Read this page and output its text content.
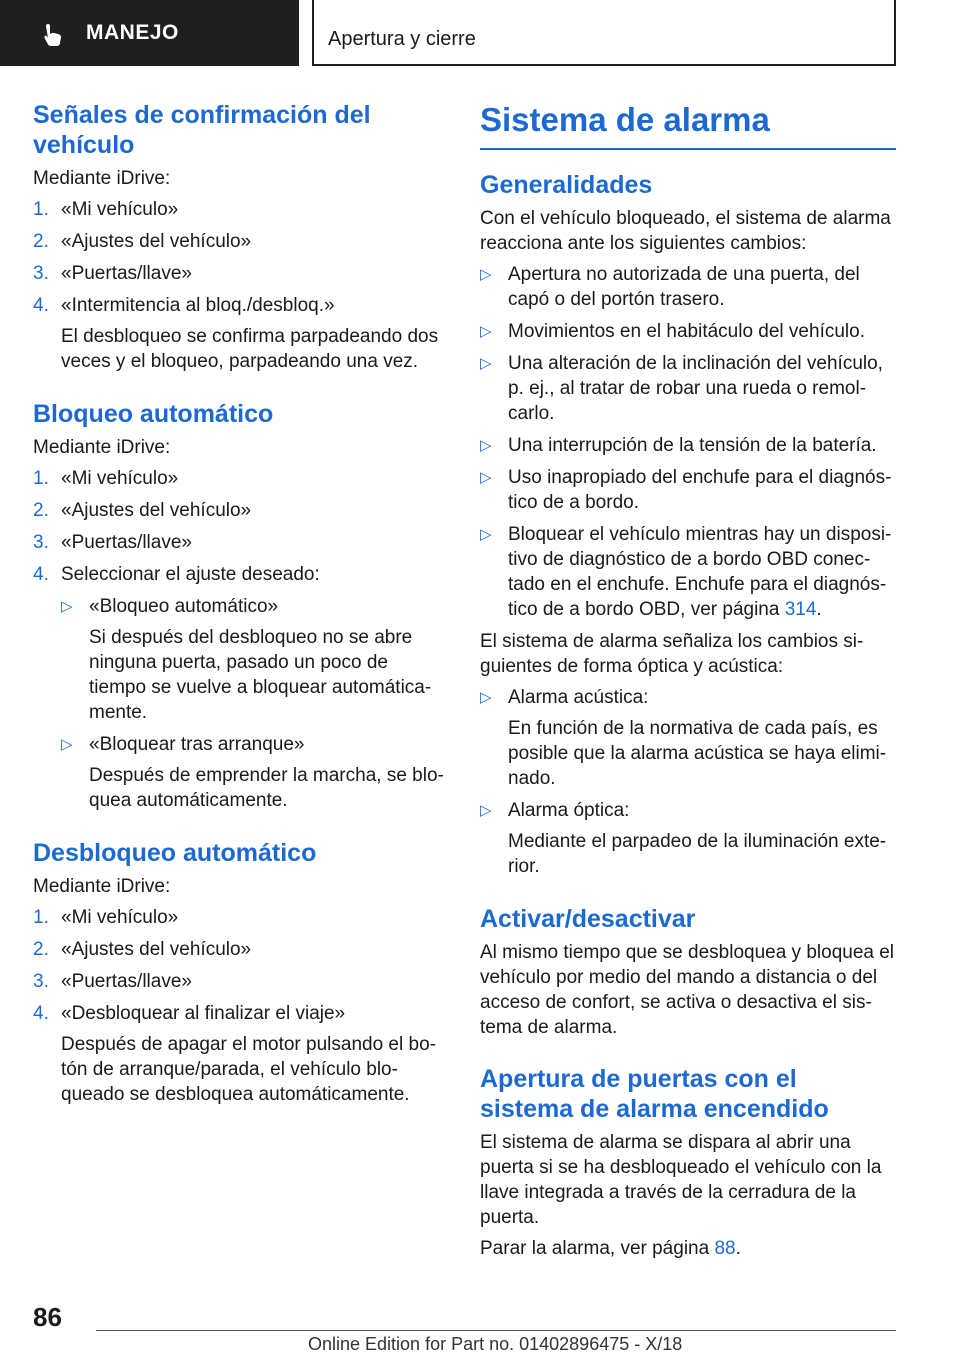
MANEJO	Apertura y cierre
Señales de confirmación del vehículo

Mediante iDrive:

1. «Mi vehículo»
2. «Ajustes del vehículo»
3. «Puertas/llave»
4. «Intermitencia al bloq./desbloq.»
El desbloqueo se confirma parpadeando dos veces y el bloqueo, parpadeando una vez.
Bloqueo automático

Mediante iDrive:

1. «Mi vehículo»
2. «Ajustes del vehículo»
3. «Puertas/llave»
4. Seleccionar el ajuste deseado:
▷ «Bloqueo automático»
Si después del desbloqueo no se abre ninguna puerta, pasado un poco de tiempo se vuelve a bloquear automática-mente.
▷ «Bloquear tras arranque»
Después de emprender la marcha, se blo-quea automáticamente.
Desbloqueo automático

Mediante iDrive:

1. «Mi vehículo»
2. «Ajustes del vehículo»
3. «Puertas/llave»
4. «Desbloquear al finalizar el viaje»
Después de apagar el motor pulsando el bo-tón de arranque/parada, el vehículo blo-queado se desbloquea automáticamente.
Sistema de alarma
Generalidades

Con el vehículo bloqueado, el sistema de alarma reacciona ante los siguientes cambios:

▷ Apertura no autorizada de una puerta, del capó o del portón trasero.
▷ Movimientos en el habitáculo del vehículo.
▷ Una alteración de la inclinación del vehículo, p. ej., al tratar de robar una rueda o remol-carlo.
▷ Una interrupción de la tensión de la batería.
▷ Uso inapropiado del enchufe para el diagnós-tico de a bordo.
▷ Bloquear el vehículo mientras hay un disposi-tivo de diagnóstico de a bordo OBD conec-tado en el enchufe. Enchufe para el diagnós-tico de a bordo OBD, ver página 314.

El sistema de alarma señaliza los cambios si-guientes de forma óptica y acústica:

▷ Alarma acústica:
En función de la normativa de cada país, es posible que la alarma acústica se haya elimi-nado.
▷ Alarma óptica:
Mediante el parpadeo de la iluminación exte-rior.
Activar/desactivar

Al mismo tiempo que se desbloquea y bloquea el vehículo por medio del mando a distancia o del acceso de confort, se activa o desactiva el sis-tema de alarma.

Apertura de puertas con el sistema de alarma encendido

El sistema de alarma se dispara al abrir una puerta si se ha desbloqueado el vehículo con la llave integrada a través de la cerradura de la puerta.

Parar la alarma, ver página 88.

86
Online Edition for Part no. 01402896475 - X/18
